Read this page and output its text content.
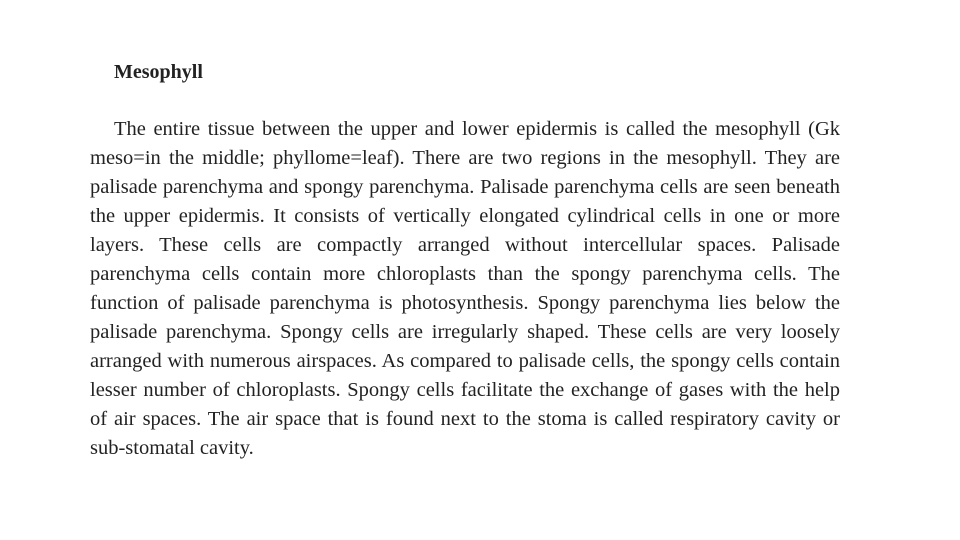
Mesophyll

The entire tissue between the upper and lower epidermis is called the mesophyll (Gk meso=in the middle; phyllome=leaf). There are two regions in the mesophyll. They are palisade parenchyma and spongy parenchyma. Palisade parenchyma cells are seen beneath the upper epidermis. It consists of vertically elongated cylindrical cells in one or more layers. These cells are compactly arranged without intercellular spaces. Palisade parenchyma cells contain more chloroplasts than the spongy parenchyma cells. The function of palisade parenchyma is photosynthesis. Spongy parenchyma lies below the palisade parenchyma. Spongy cells are irregularly shaped. These cells are very loosely arranged with numerous airspaces. As compared to palisade cells, the spongy cells contain lesser number of chloroplasts. Spongy cells facilitate the exchange of gases with the help of air spaces. The air space that is found next to the stoma is called respiratory cavity or sub-stomatal cavity.
